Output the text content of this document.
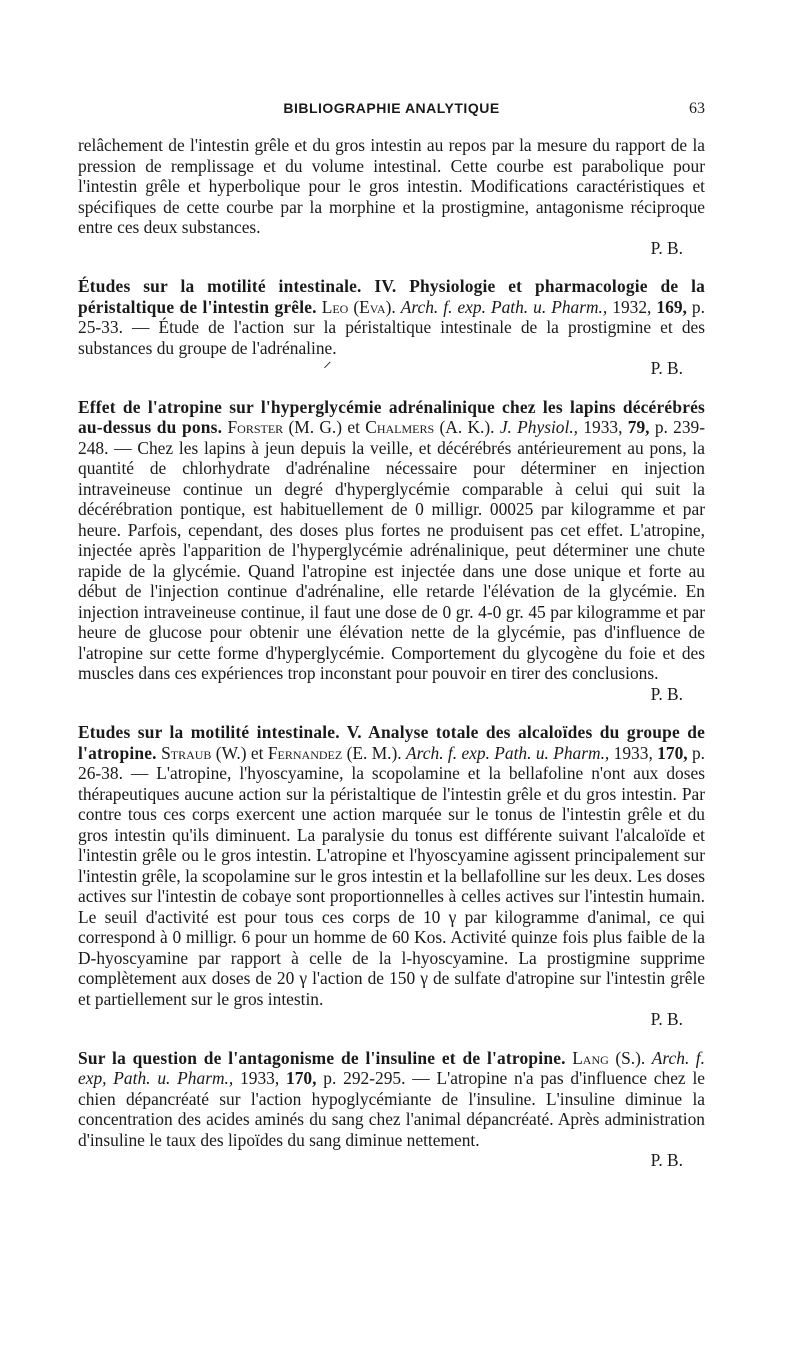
BIBLIOGRAPHIE ANALYTIQUE	63

relâchement de l'intestin grêle et du gros intestin au repos par la mesure du rapport de la pression de remplissage et du volume intestinal. Cette courbe est parabolique pour l'intestin grêle et hyperbolique pour le gros intestin. Modifications caractéristiques et spécifiques de cette courbe par la morphine et la prostigmine, antagonisme réciproque entre ces deux substances.

P. B.

Études sur la motilité intestinale. IV. Physiologie et pharmacologie de la péristaltique de l'intestin grêle. Leo (Eva). Arch. f. exp. Path. u. Pharm., 1932, 169, p. 25-33. — Étude de l'action sur la péristaltique intestinale de la prostigmine et des substances du groupe de l'adrénaline.

⸍	P. B.

Effet de l'atropine sur l'hyperglycémie adrénalinique chez les lapins décérébrés au-dessus du pons. Forster (M. G.) et Chalmers (A. K.). J. Physiol., 1933, 79, p. 239-248. — Chez les lapins à jeun depuis la veille, et décérébrés antérieurement au pons, la quantité de chlorhydrate d'adrénaline nécessaire pour déterminer en injection intraveineuse continue un degré d'hyperglycémie comparable à celui qui suit la décérébration pontique, est habituellement de 0 milligr. 00025 par kilogramme et par heure. Parfois, cependant, des doses plus fortes ne produisent pas cet effet. L'atropine, injectée après l'apparition de l'hyperglycémie adrénalinique, peut déterminer une chute rapide de la glycémie. Quand l'atropine est injectée dans une dose unique et forte au début de l'injection continue d'adrénaline, elle retarde l'élévation de la glycémie. En injection intraveineuse continue, il faut une dose de 0 gr. 4-0 gr. 45 par kilogramme et par heure de glucose pour obtenir une élévation nette de la glycémie, pas d'influence de l'atropine sur cette forme d'hyperglycémie. Comportement du glycogène du foie et des muscles dans ces expériences trop inconstant pour pouvoir en tirer des conclusions.

P. B.

Etudes sur la motilité intestinale. V. Analyse totale des alcaloïdes du groupe de l'atropine. Straub (W.) et Fernandez (E. M.). Arch. f. exp. Path. u. Pharm., 1933, 170, p. 26-38. — L'atropine, l'hyoscyamine, la scopolamine et la bellafoline n'ont aux doses thérapeutiques aucune action sur la péristaltique de l'intestin grêle et du gros intestin. Par contre tous ces corps exercent une action marquée sur le tonus de l'intestin grêle et du gros intestin qu'ils diminuent. La paralysie du tonus est différente suivant l'alcaloïde et l'intestin grêle ou le gros intestin. L'atropine et l'hyoscyamine agissent principalement sur l'intestin grêle, la scopolamine sur le gros intestin et la bellafolline sur les deux. Les doses actives sur l'intestin de cobaye sont proportionnelles à celles actives sur l'intestin humain. Le seuil d'activité est pour tous ces corps de 10 γ par kilogramme d'animal, ce qui correspond à 0 milligr. 6 pour un homme de 60 Kos. Activité quinze fois plus faible de la D-hyoscyamine par rapport à celle de la l-hyoscyamine. La prostigmine supprime complètement aux doses de 20 γ l'action de 150 γ de sulfate d'atropine sur l'intestin grêle et partiellement sur le gros intestin.

P. B.

Sur la question de l'antagonisme de l'insuline et de l'atropine. Lang (S.). Arch. f. exp, Path. u. Pharm., 1933, 170, p. 292-295. — L'atropine n'a pas d'influence chez le chien dépancréaté sur l'action hypoglycémiante de l'insuline. L'insuline diminue la concentration des acides aminés du sang chez l'animal dépancréaté. Après administration d'insuline le taux des lipoïdes du sang diminue nettement.

P. B.
